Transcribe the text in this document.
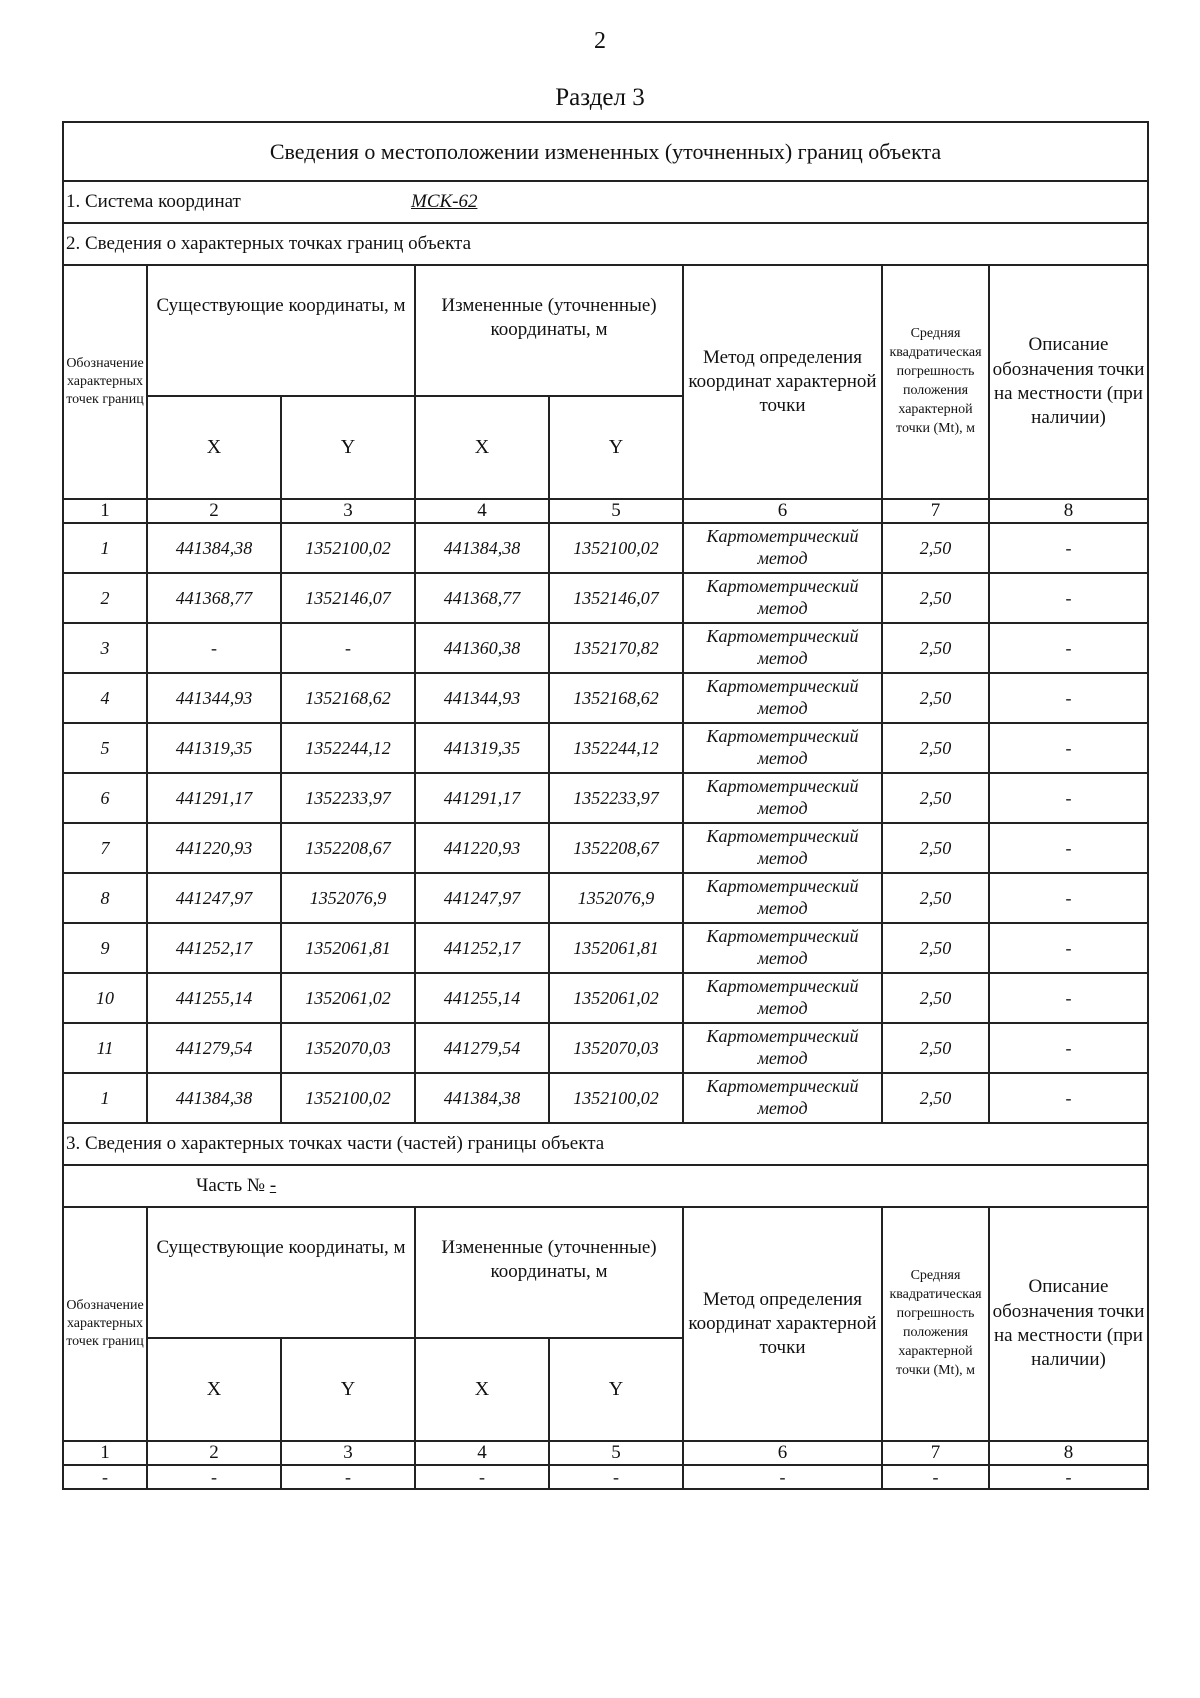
2
Раздел 3
Сведения о местоположении измененных (уточненных) границ объекта							
1. Система координат МСК-62							
2. Сведения о характерных точках границ объекта							
Обозначение характерных точек границ	Существующие координаты, м		Измененные (уточненные) координаты, м		Метод определения координат характерной точки	Средняя квадратическая погрешность положения характерной точки (Mt), м	Описание обозначения точки на местности (при наличии)
	X	Y	X	Y			
1	2	3	4	5	6	7	8
1	441384,38	1352100,02	441384,38	1352100,02	Картометрический метод	2,50	-
2	441368,77	1352146,07	441368,77	1352146,07	Картометрический метод	2,50	-
3	-	-	441360,38	1352170,82	Картометрический метод	2,50	-
4	441344,93	1352168,62	441344,93	1352168,62	Картометрический метод	2,50	-
5	441319,35	1352244,12	441319,35	1352244,12	Картометрический метод	2,50	-
6	441291,17	1352233,97	441291,17	1352233,97	Картометрический метод	2,50	-
7	441220,93	1352208,67	441220,93	1352208,67	Картометрический метод	2,50	-
8	441247,97	1352076,9	441247,97	1352076,9	Картометрический метод	2,50	-
9	441252,17	1352061,81	441252,17	1352061,81	Картометрический метод	2,50	-
10	441255,14	1352061,02	441255,14	1352061,02	Картометрический метод	2,50	-
11	441279,54	1352070,03	441279,54	1352070,03	Картометрический метод	2,50	-
1	441384,38	1352100,02	441384,38	1352100,02	Картометрический метод	2,50	-
3. Сведения о характерных точках части (частей) границы объекта							
Часть № -							
Обозначение характерных точек границ	Существующие координаты, м		Измененные (уточненные) координаты, м		Метод определения координат характерной точки	Средняя квадратическая погрешность положения характерной точки (Mt), м	Описание обозначения точки на местности (при наличии)
	X	Y	X	Y			
1	2	3	4	5	6	7	8
-	-	-	-	-	-	-	-
